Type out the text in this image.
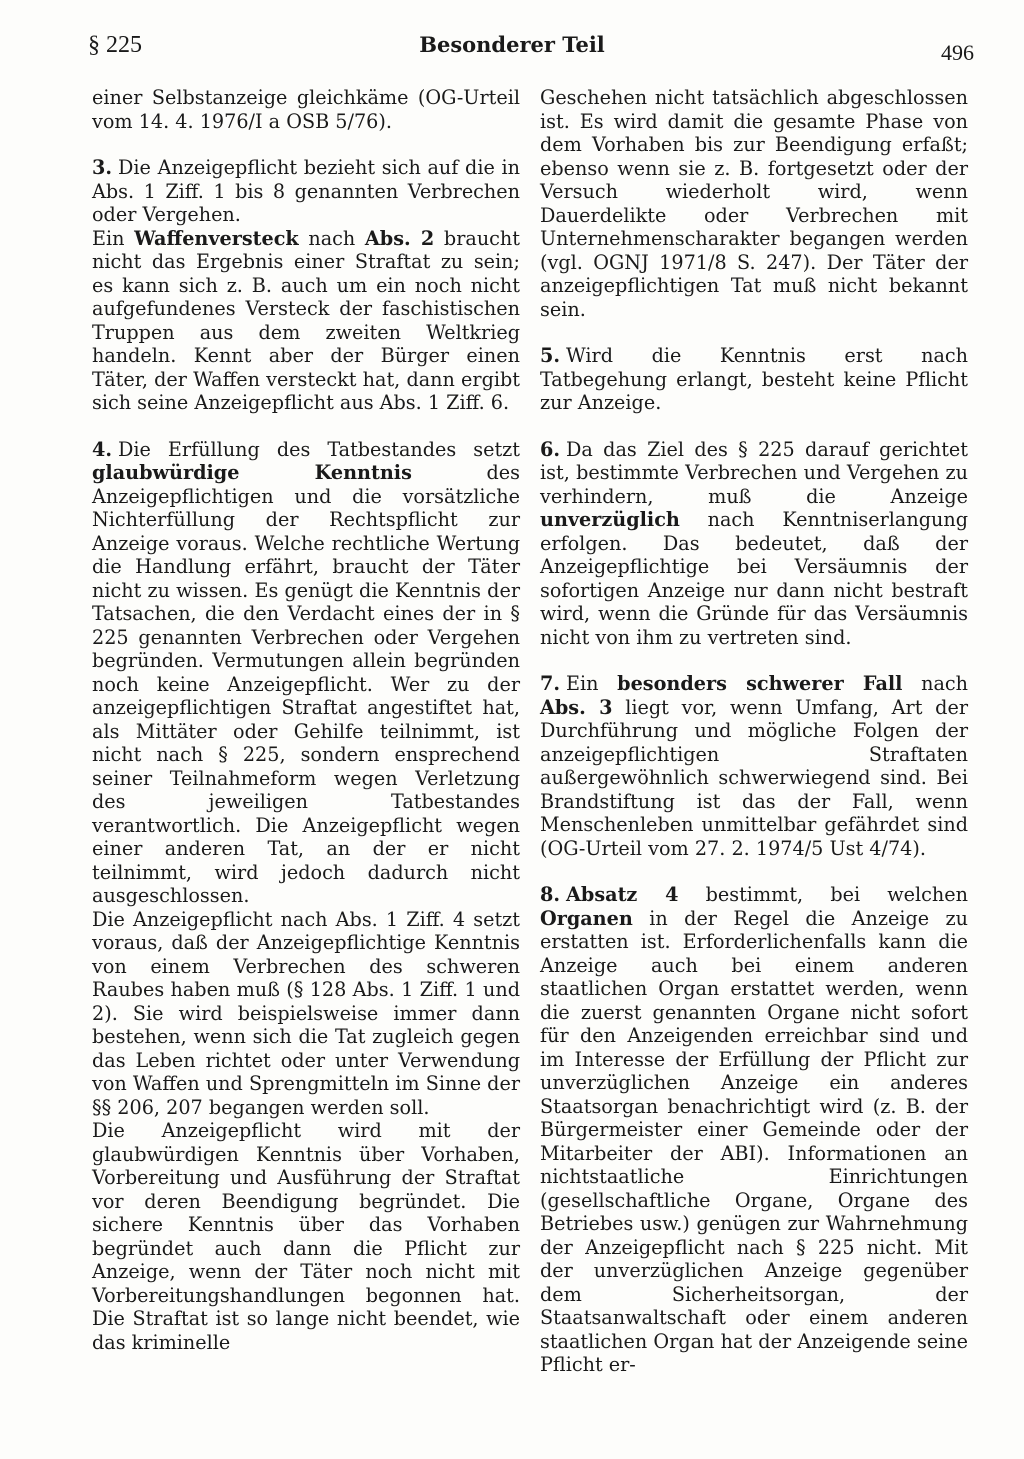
§ 225	Besonderer Teil	496

einer Selbstanzeige gleichkäme (OG-Urteil vom 14. 4. 1976/I a OSB 5/76).

3. Die Anzeigepflicht bezieht sich auf die in Abs. 1 Ziff. 1 bis 8 genannten Verbrechen oder Vergehen.

Ein Waffenversteck nach Abs. 2 braucht nicht das Ergebnis einer Straftat zu sein; es kann sich z. B. auch um ein noch nicht aufgefundenes Versteck der faschistischen Truppen aus dem zweiten Weltkrieg handeln. Kennt aber der Bürger einen Täter, der Waffen versteckt hat, dann ergibt sich seine Anzeigepflicht aus Abs. 1 Ziff. 6.

4. Die Erfüllung des Tatbestandes setzt glaubwürdige Kenntnis des Anzeigepflichtigen und die vorsätzliche Nichterfüllung der Rechtspflicht zur Anzeige voraus. Welche rechtliche Wertung die Handlung erfährt, braucht der Täter nicht zu wissen. Es genügt die Kenntnis der Tatsachen, die den Verdacht eines der in § 225 genannten Verbrechen oder Vergehen begründen. Vermutungen allein begründen noch keine Anzeigepflicht. Wer zu der anzeigepflichtigen Straftat angestiftet hat, als Mittäter oder Gehilfe teilnimmt, ist nicht nach § 225, sondern ensprechend seiner Teilnahmeform wegen Verletzung des jeweiligen Tatbestandes verantwortlich. Die Anzeigepflicht wegen einer anderen Tat, an der er nicht teilnimmt, wird jedoch dadurch nicht ausgeschlossen.

Die Anzeigepflicht nach Abs. 1 Ziff. 4 setzt voraus, daß der Anzeigepflichtige Kenntnis von einem Verbrechen des schweren Raubes haben muß (§ 128 Abs. 1 Ziff. 1 und 2). Sie wird beispielsweise immer dann bestehen, wenn sich die Tat zugleich gegen das Leben richtet oder unter Verwendung von Waffen und Sprengmitteln im Sinne der §§ 206, 207 begangen werden soll.

Die Anzeigepflicht wird mit der glaubwürdigen Kenntnis über Vorhaben, Vorbereitung und Ausführung der Straftat vor deren Beendigung begründet. Die sichere Kenntnis über das Vorhaben begründet auch dann die Pflicht zur Anzeige, wenn der Täter noch nicht mit Vorbereitungshandlungen begonnen hat. Die Straftat ist so lange nicht beendet, wie das kriminelle

Geschehen nicht tatsächlich abgeschlossen ist. Es wird damit die gesamte Phase von dem Vorhaben bis zur Beendigung erfaßt; ebenso wenn sie z. B. fortgesetzt oder der Versuch wiederholt wird, wenn Dauerdelikte oder Verbrechen mit Unternehmenscharakter begangen werden (vgl. OGNJ 1971/8 S. 247). Der Täter der anzeigepflichtigen Tat muß nicht bekannt sein.

5. Wird die Kenntnis erst nach Tatbegehung erlangt, besteht keine Pflicht zur Anzeige.

6. Da das Ziel des § 225 darauf gerichtet ist, bestimmte Verbrechen und Vergehen zu verhindern, muß die Anzeige unverzüglich nach Kenntniserlangung erfolgen. Das bedeutet, daß der Anzeigepflichtige bei Versäumnis der sofortigen Anzeige nur dann nicht bestraft wird, wenn die Gründe für das Versäumnis nicht von ihm zu vertreten sind.

7. Ein besonders schwerer Fall nach Abs. 3 liegt vor, wenn Umfang, Art der Durchführung und mögliche Folgen der anzeigepflichtigen Straftaten außergewöhnlich schwerwiegend sind. Bei Brandstiftung ist das der Fall, wenn Menschenleben unmittelbar gefährdet sind (OG-Urteil vom 27. 2. 1974/5 Ust 4/74).

8. Absatz 4 bestimmt, bei welchen Organen in der Regel die Anzeige zu erstatten ist. Erforderlichenfalls kann die Anzeige auch bei einem anderen staatlichen Organ erstattet werden, wenn die zuerst genannten Organe nicht sofort für den Anzeigenden erreichbar sind und im Interesse der Erfüllung der Pflicht zur unverzüglichen Anzeige ein anderes Staatsorgan benachrichtigt wird (z. B. der Bürgermeister einer Gemeinde oder der Mitarbeiter der ABI). Informationen an nichtstaatliche Einrichtungen (gesellschaftliche Organe, Organe des Betriebes usw.) genügen zur Wahrnehmung der Anzeigepflicht nach § 225 nicht. Mit der unverzüglichen Anzeige gegenüber dem Sicherheitsorgan, der Staatsanwaltschaft oder einem anderen staatlichen Organ hat der Anzeigende seine Pflicht er-
